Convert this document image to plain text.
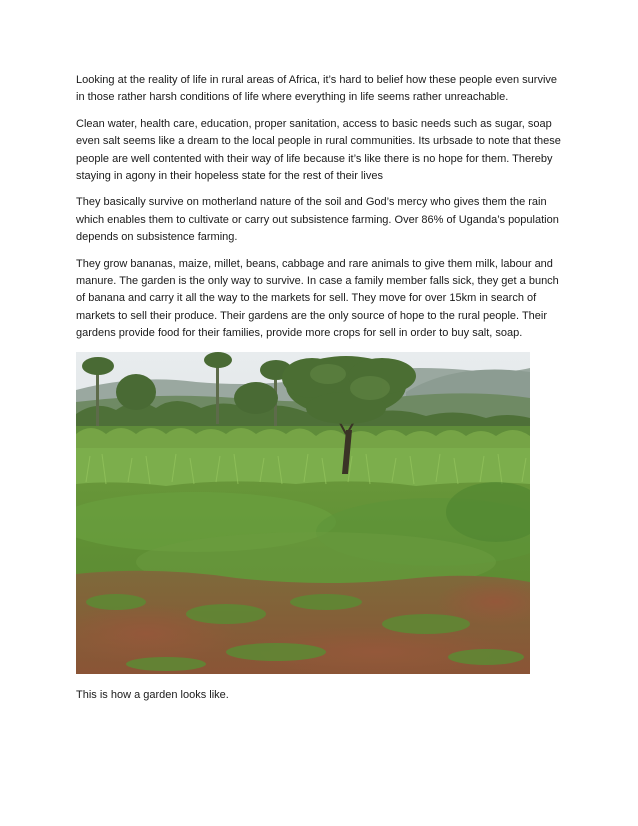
Looking at the reality of life in rural areas of Africa, it’s hard to belief how these people even survive in those rather harsh conditions of life where everything in life seems rather unreachable.

Clean water, health care, education, proper sanitation, access to basic needs such as sugar, soap even salt seems like a dream to the local people in rural communities. Its urbsade to note that these people are well contented with their way of life because it’s like there is no hope for them. Thereby staying in agony in their hopeless state for the rest of their lives

They basically survive on motherland nature of the soil and God’s mercy who gives them the rain which enables them to cultivate or carry out subsistence farming. Over 86% of Uganda’s population depends on subsistence farming.

They grow bananas, maize, millet, beans, cabbage and rare animals to give them milk, labour and manure. The garden is the only way to survive. In case a family member falls sick, they get a bunch of banana and carry it all the way to the markets for sell. They move for over 15km in search of markets to sell their produce. Their gardens are the only source of hope to the rural people. Their gardens provide food for their families, provide more crops for sell in order to buy salt, soap.

This is how a garden looks like.
